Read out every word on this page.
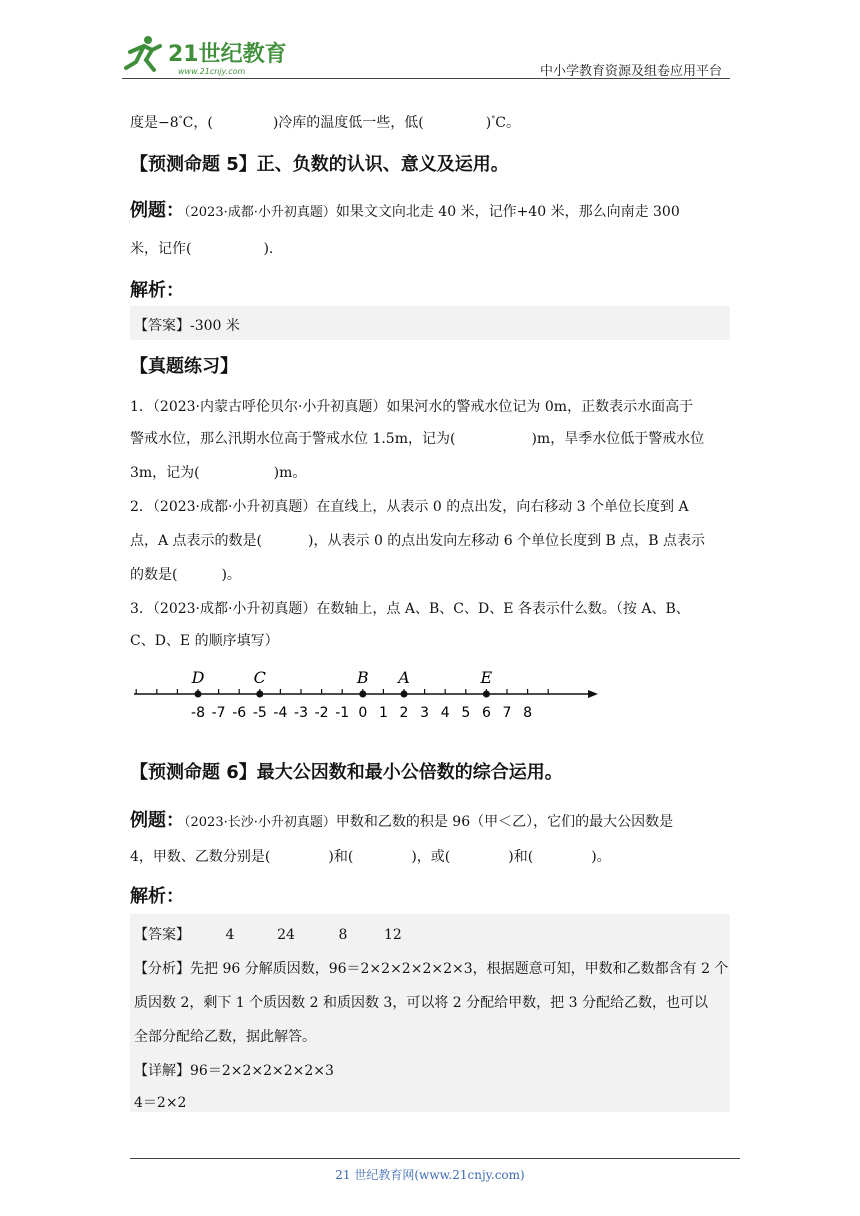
21世纪教育
www.21cnjy.com	中小学教育资源及组卷应用平台
度是−8°C，(	)冷库的温度低一些，低(	)°C。
【预测命题 5】正、负数的认识、意义及运用。
例题：（2023·成都·小升初真题）如果文文向北走 40 米，记作+40 米，那么向南走 300
米，记作(	).
解析：
【答案】-300 米
【真题练习】
1．（2023·内蒙古呼伦贝尔·小升初真题）如果河水的警戒水位记为 0m，正数表示水面高于
警戒水位，那么汛期水位高于警戒水位 1.5m，记为(	)m，旱季水位低于警戒水位
3m，记为(	)m。
2．（2023·成都·小升初真题）在直线上，从表示 0 的点出发，向右移动 3 个单位长度到 A
点，A 点表示的数是(	)，从表示 0 的点出发向左移动 6 个单位长度到 B 点，B 点表示
的数是(	)。
3．（2023·成都·小升初真题）在数轴上，点 A、B、C、D、E 各表示什么数。（按 A、B、
C、D、E 的顺序填写）
-8 -7 -6 -5 -4 -3 -2 -1 0 1 2 3 4 5 6 7 8
D	C	B A	E
【预测命题 6】最大公因数和最小公倍数的综合运用。
例题：（2023·长沙·小升初真题）甲数和乙数的积是 96（甲＜乙），它们的最大公因数是
4，甲数、乙数分别是(	)和(	)，或(	)和(	)。
解析：
【答案】	4	24	8	12
【分析】先把 96 分解质因数，96＝2×2×2×2×2×3，根据题意可知，甲数和乙数都含有 2 个
质因数 2，剩下 1 个质因数 2 和质因数 3，可以将 2 分配给甲数，把 3 分配给乙数，也可以
全部分配给乙数，据此解答。
【详解】96＝2×2×2×2×2×3
4＝2×2
21 世纪教育网(www.21cnjy.com)
